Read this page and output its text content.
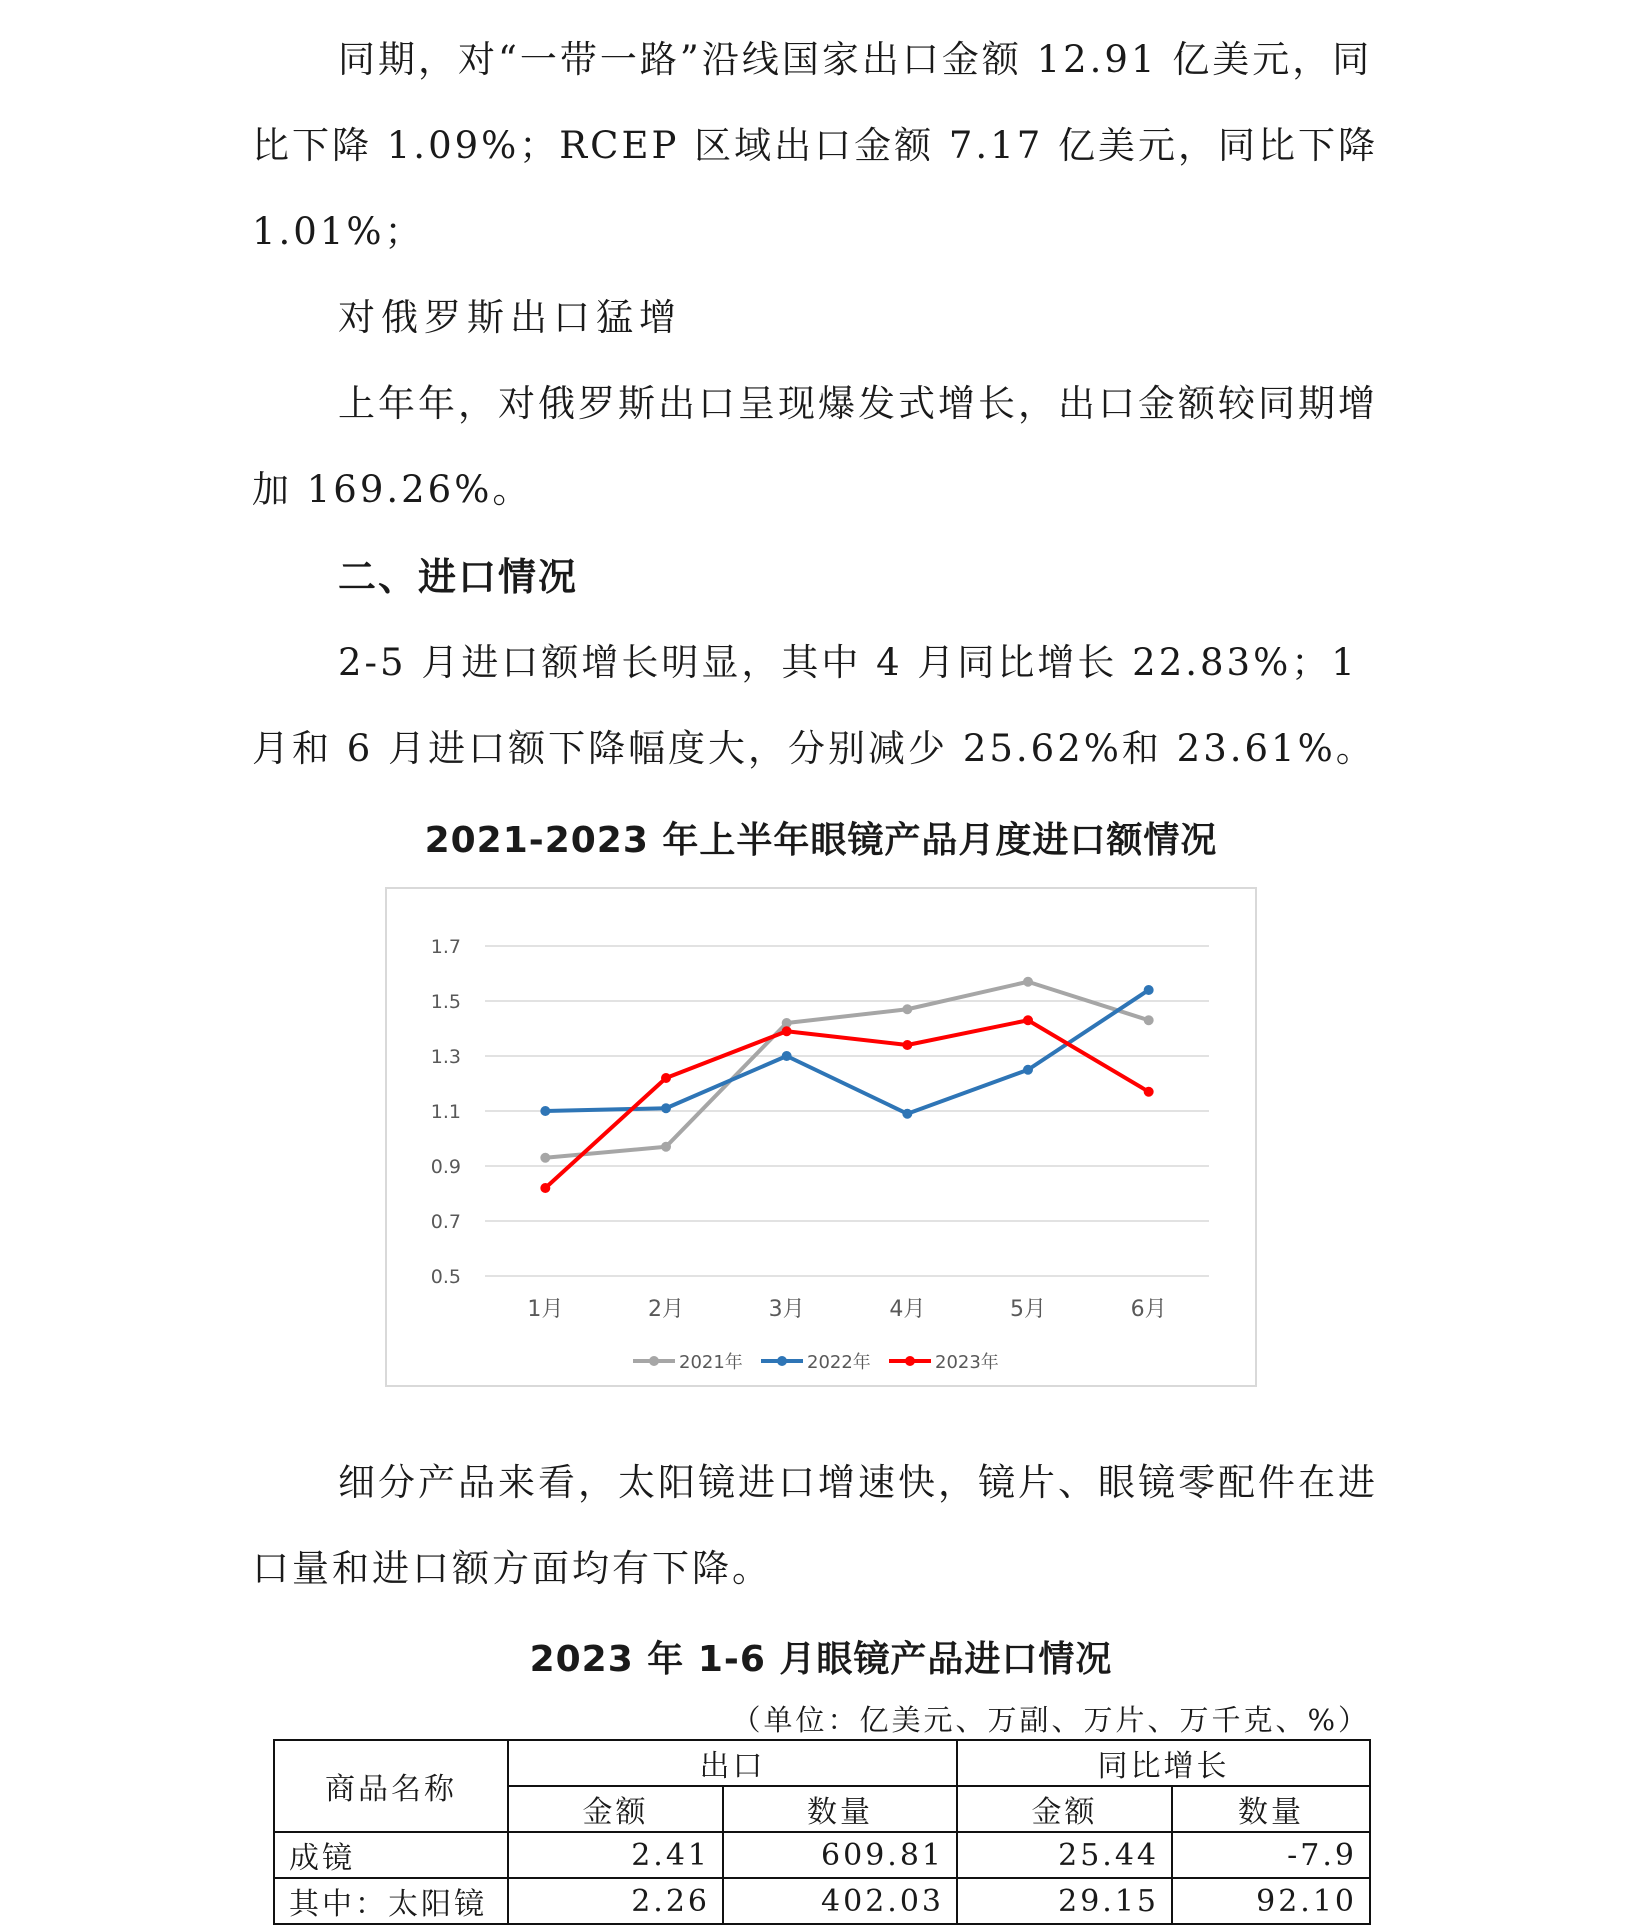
同期，对“一带一路”沿线国家出口金额 12.91 亿美元，同比下降 1.09%；RCEP 区域出口金额 7.17 亿美元，同比下降 1.01%；

对俄罗斯出口猛增

上年年，对俄罗斯出口呈现爆发式增长，出口金额较同期增加 169.26%。

二、进口情况

2-5 月进口额增长明显，其中 4 月同比增长 22.83%；1 月和 6 月进口额下降幅度大，分别减少 25.62%和 23.61%。

2021-2023 年上半年眼镜产品月度进口额情况

0.5
0.7
0.9
1.1
1.3
1.5
1.7
1月	2月	3月	4月	5月	6月
2021年	2022年	2023年

细分产品来看，太阳镜进口增速快，镜片、眼镜零配件在进口量和进口额方面均有下降。

2023 年 1-6 月眼镜产品进口情况

（单位：亿美元、万副、万片、万千克、%）

商品名称	出口		同比增长	
	金额	数量	金额	数量
成镜	2.41	609.81	25.44	-7.9
其中：太阳镜	2.26	402.03	29.15	92.10
